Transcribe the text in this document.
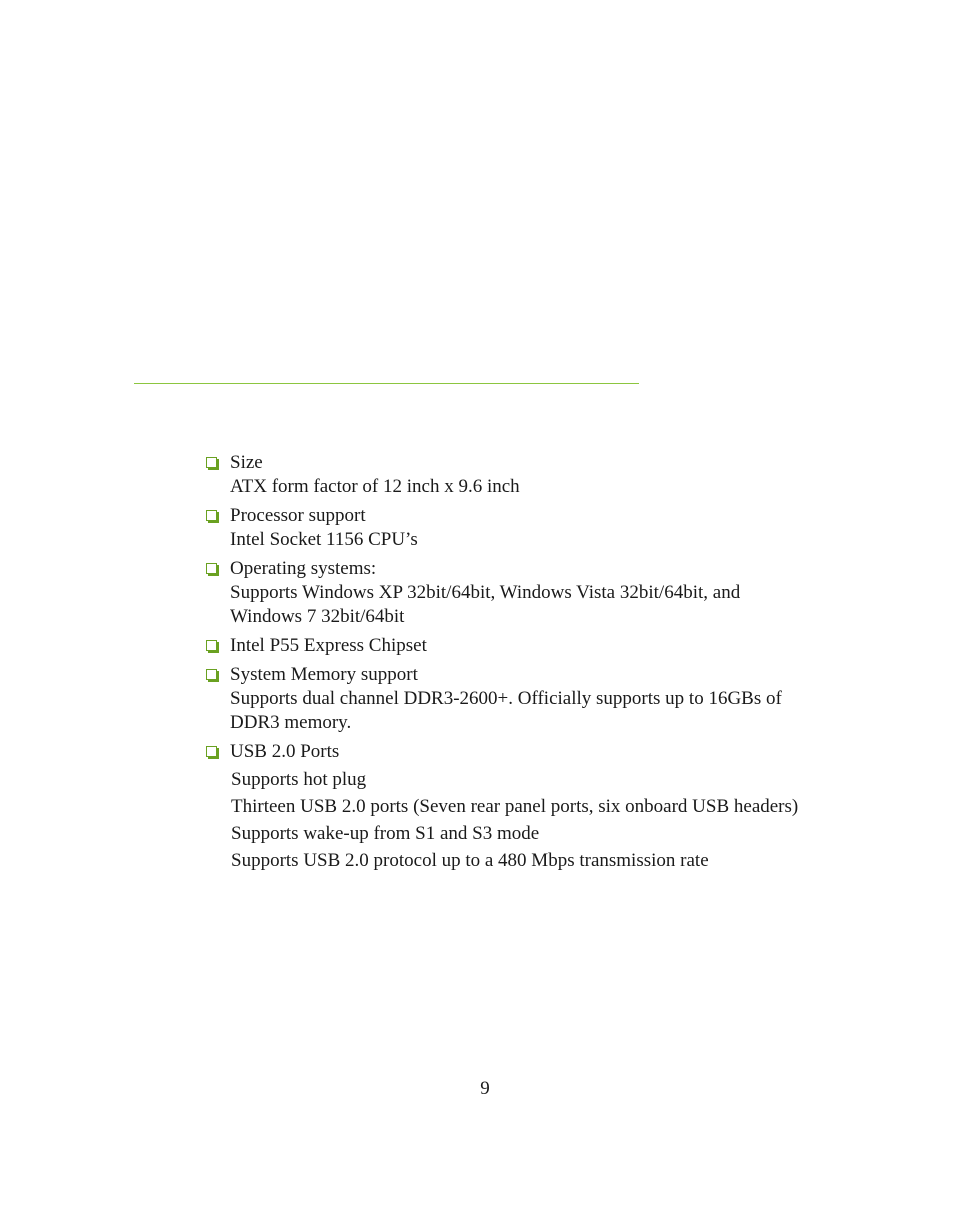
Size
ATX form factor of 12 inch x 9.6 inch
Processor support
Intel Socket 1156 CPU’s
Operating systems:
Supports Windows XP 32bit/64bit, Windows Vista 32bit/64bit, and Windows 7 32bit/64bit
Intel P55 Express Chipset
System Memory support
Supports dual channel DDR3-2600+. Officially supports up to 16GBs of DDR3 memory.
USB 2.0 Ports
Supports hot plug
Thirteen USB 2.0 ports (Seven rear panel ports, six onboard USB headers)
Supports wake-up from S1 and S3 mode
Supports USB 2.0 protocol up to a 480 Mbps transmission rate
9
